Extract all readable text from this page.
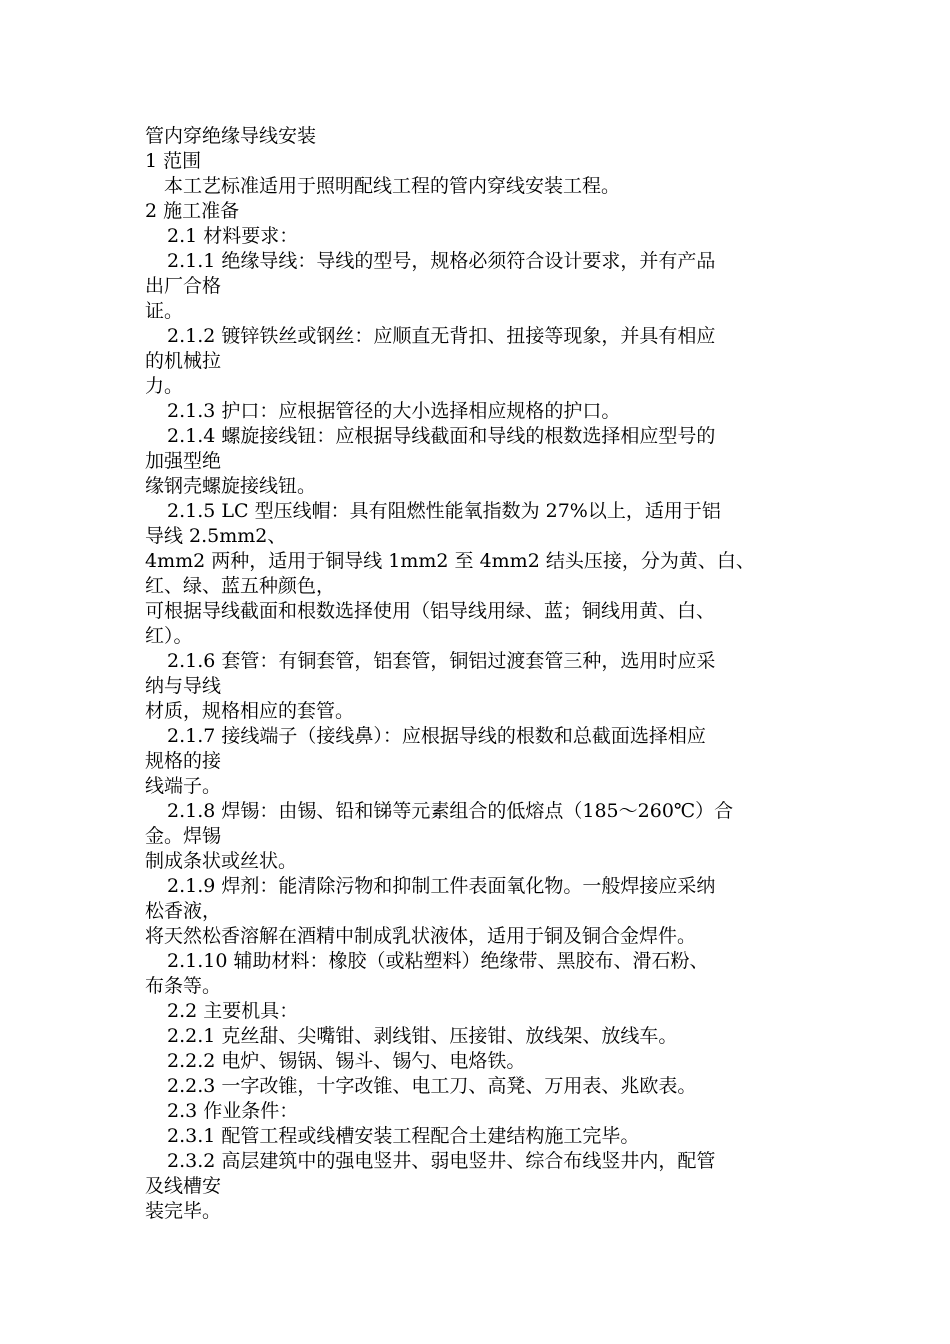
管内穿绝缘导线安装
1 范围
本工艺标准适用于照明配线工程的管内穿线安装工程。
2 施工准备
2.1 材料要求：
2.1.1 绝缘导线：导线的型号，规格必须符合设计要求，并有产品
出厂合格
证。
2.1.2 镀锌铁丝或钢丝：应顺直无背扣、扭接等现象，并具有相应
的机械拉
力。
2.1.3 护口：应根据管径的大小选择相应规格的护口。
2.1.4 螺旋接线钮：应根据导线截面和导线的根数选择相应型号的
加强型绝
缘钢壳螺旋接线钮。
2.1.5 LC 型压线帽：具有阻燃性能氧指数为 27%以上，适用于铝
导线 2.5mm2、
4mm2 两种，适用于铜导线 1mm2 至 4mm2 结头压接，分为黄、白、
红、绿、蓝五种颜色，
可根据导线截面和根数选择使用（铝导线用绿、蓝；铜线用黄、白、
红）。
2.1.6 套管：有铜套管，铝套管，铜铝过渡套管三种，选用时应采
纳与导线
材质，规格相应的套管。
2.1.7 接线端子（接线鼻）：应根据导线的根数和总截面选择相应
规格的接
线端子。
2.1.8 焊锡：由锡、铅和锑等元素组合的低熔点（185～260℃）合
金。焊锡
制成条状或丝状。
2.1.9 焊剂：能清除污物和抑制工件表面氧化物。一般焊接应采纳
松香液，
将天然松香溶解在酒精中制成乳状液体，适用于铜及铜合金焊件。
2.1.10 辅助材料：橡胶（或粘塑料）绝缘带、黑胶布、滑石粉、
布条等。
2.2 主要机具：
2.2.1 克丝甜、尖嘴钳、剥线钳、压接钳、放线架、放线车。
2.2.2 电炉、锡锅、锡斗、锡勺、电烙铁。
2.2.3 一字改锥，十字改锥、电工刀、高凳、万用表、兆欧表。
2.3 作业条件：
2.3.1 配管工程或线槽安装工程配合土建结构施工完毕。
2.3.2 高层建筑中的强电竖井、弱电竖井、综合布线竖井内，配管
及线槽安
装完毕。
